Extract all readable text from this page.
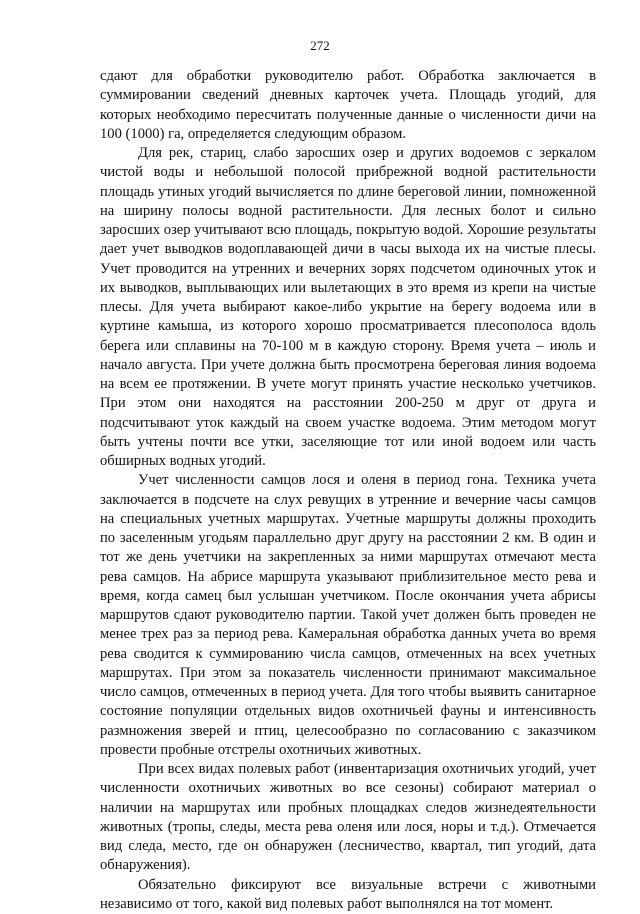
272

сдают для обработки руководителю работ. Обработка заключается в суммировании сведений дневных карточек учета. Площадь угодий, для которых необходимо пересчитать полученные данные о численности дичи на 100 (1000) га, определяется следующим образом.

Для рек, стариц, слабо заросших озер и других водоемов с зеркалом чистой воды и небольшой полосой прибрежной водной растительности площадь утиных угодий вычисляется по длине береговой линии, помноженной на ширину полосы водной растительности. Для лесных болот и сильно заросших озер учитывают всю площадь, покрытую водой. Хорошие результаты дает учет выводков водоплавающей дичи в часы выхода их на чистые плесы. Учет проводится на утренних и вечерних зорях подсчетом одиночных уток и их выводков, выплывающих или вылетающих в это время из крепи на чистые плесы. Для учета выбирают какое-либо укрытие на берегу водоема или в куртине камыша, из которого хорошо просматривается плесополоса вдоль берега или сплавины на 70-100 м в каждую сторону. Время учета – июль и начало августа. При учете должна быть просмотрена береговая линия водоема на всем ее протяжении. В учете могут принять участие несколько учетчиков. При этом они находятся на расстоянии 200-250 м друг от друга и подсчитывают уток каждый на своем участке водоема. Этим методом могут быть учтены почти все утки, заселяющие тот или иной водоем или часть обширных водных угодий.

Учет численности самцов лося и оленя в период гона. Техника учета заключается в подсчете на слух ревущих в утренние и вечерние часы самцов на специальных учетных маршрутах. Учетные маршруты должны проходить по заселенным угодьям параллельно друг другу на расстоянии 2 км. В один и тот же день учетчики на закрепленных за ними маршрутах отмечают места рева самцов. На абрисе маршрута указывают приблизительное место рева и время, когда самец был услышан учетчиком. После окончания учета абрисы маршрутов сдают руководителю партии. Такой учет должен быть проведен не менее трех раз за период рева. Камеральная обработка данных учета во время рева сводится к суммированию числа самцов, отмеченных на всех учетных маршрутах. При этом за показатель численности принимают максимальное число самцов, отмеченных в период учета. Для того чтобы выявить санитарное состояние популяции отдельных видов охотничьей фауны и интенсивность размножения зверей и птиц, целесообразно по согласованию с заказчиком провести пробные отстрелы охотничьих животных.

При всех видах полевых работ (инвентаризация охотничьих угодий, учет численности охотничьих животных во все сезоны) собирают материал о наличии на маршрутах или пробных площадках следов жизнедеятельности животных (тропы, следы, места рева оленя или лося, норы и т.д.). Отмечается вид следа, место, где он обнаружен (лесничество, квартал, тип угодий, дата обнаружения).

Обязательно фиксируют все визуальные встречи с животными независимо от того, какой вид полевых работ выполнялся на тот момент.
